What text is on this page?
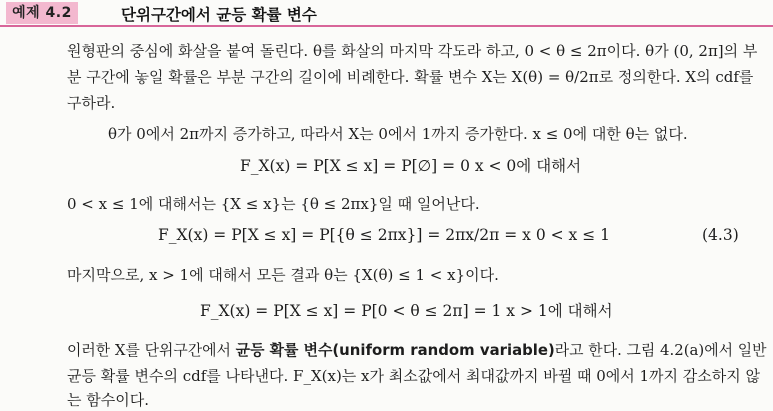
예제 4.2	단위구간에서 균등 확률 변수
원형판의 중심에 화살을 붙여 돌린다. θ를 화살의 마지막 각도라 하고, 0 < θ ≤ 2π이다. θ가 (0, 2π]의 부
분 구간에 놓일 확률은 부분 구간의 길이에 비례한다. 확률 변수 X는 X(θ) = θ/2π로 정의한다. X의 cdf를
구하라.
θ가 0에서 2π까지 증가하고, 따라서 X는 0에서 1까지 증가한다. x ≤ 0에 대한 θ는 없다.
F_X(x) = P[X ≤ x] = P[∅] = 0 x < 0에 대해서
0 < x ≤ 1에 대해서는 {X ≤ x}는 {θ ≤ 2πx}일 때 일어난다.
F_X(x) = P[X ≤ x] = P[{θ ≤ 2πx}] = 2πx/2π = x 0 < x ≤ 1	(4.3)
마지막으로, x > 1에 대해서 모든 결과 θ는 {X(θ) ≤ 1 < x}이다.
F_X(x) = P[X ≤ x] = P[0 < θ ≤ 2π] = 1 x > 1에 대해서
이러한 X를 단위구간에서 균등 확률 변수(uniform random variable)라고 한다. 그림 4.2(a)에서 일반
균등 확률 변수의 cdf를 나타낸다. F_X(x)는 x가 최소값에서 최대값까지 바뀔 때 0에서 1까지 감소하지 않
는 함수이다.
